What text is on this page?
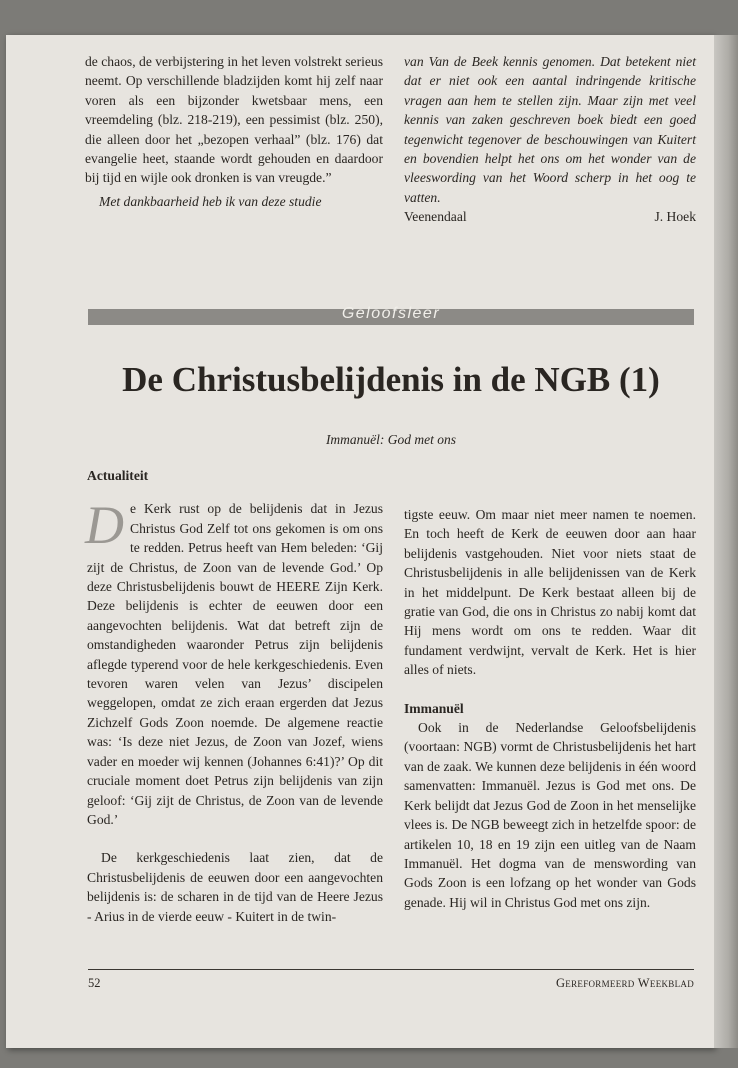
de chaos, de verbijstering in het leven volstrekt serieus neemt. Op verschillende bladzijden komt hij zelf naar voren als een bijzonder kwetsbaar mens, een vreemdeling (blz. 218-219), een pessimist (blz. 250), die alleen door het „bezopen verhaal” (blz. 176) dat evangelie heet, staande wordt gehouden en daardoor bij tijd en wijle ook dronken is van vreugde.”

Met dankbaarheid heb ik van deze studie

van Van de Beek kennis genomen. Dat betekent niet dat er niet ook een aantal indringende kritische vragen aan hem te stellen zijn. Maar zijn met veel kennis van zaken geschreven boek biedt een goed tegenwicht tegenover de beschouwingen van Kuitert en bovendien helpt het ons om het wonder van de vleeswording van het Woord scherp in het oog te vatten.

Veenendaal	J. Hoek
Geloofsleer
De Christusbelijdenis in de NGB (1)
Immanuël: God met ons

Actualiteit

De Kerk rust op de belijdenis dat in Jezus Christus God Zelf tot ons gekomen is om ons te redden. Petrus heeft van Hem beleden: ‘Gij zijt de Christus, de Zoon van de levende God.’ Op deze Christusbelijdenis bouwt de HEERE Zijn Kerk. Deze belijdenis is echter de eeuwen door een aangevochten belijdenis. Wat dat betreft zijn de omstandigheden waaronder Petrus zijn belijdenis aflegde typerend voor de hele kerkgeschiedenis. Even tevoren waren velen van Jezus’ discipelen weggelopen, omdat ze zich eraan ergerden dat Jezus Zichzelf Gods Zoon noemde. De algemene reactie was: ‘Is deze niet Jezus, de Zoon van Jozef, wiens vader en moeder wij kennen (Johannes 6:41)?’ Op dit cruciale moment doet Petrus zijn belijdenis van zijn geloof: ‘Gij zijt de Christus, de Zoon van de levende God.’

De kerkgeschiedenis laat zien, dat de Christusbelijdenis de eeuwen door een aangevochten belijdenis is: de scharen in de tijd van de Heere Jezus - Arius in de vierde eeuw - Kuitert in de twin-

tigste eeuw. Om maar niet meer namen te noemen. En toch heeft de Kerk de eeuwen door aan haar belijdenis vastgehouden. Niet voor niets staat de Christusbelijdenis in alle belijdenissen van de Kerk in het middelpunt. De Kerk bestaat alleen bij de gratie van God, die ons in Christus zo nabij komt dat Hij mens wordt om ons te redden. Waar dit fundament verdwijnt, vervalt de Kerk. Het is hier alles of niets.

Immanuël

Ook in de Nederlandse Geloofsbelijdenis (voortaan: NGB) vormt de Christusbelijdenis het hart van de zaak. We kunnen deze belijdenis in één woord samenvatten: Immanuël. Jezus is God met ons. De Kerk belijdt dat Jezus God de Zoon in het menselijke vlees is. De NGB beweegt zich in hetzelfde spoor: de artikelen 10, 18 en 19 zijn een uitleg van de Naam Immanuël. Het dogma van de menswording van Gods Zoon is een lofzang op het wonder van Gods genade. Hij wil in Christus God met ons zijn.

52	Gereformeerd Weekblad
